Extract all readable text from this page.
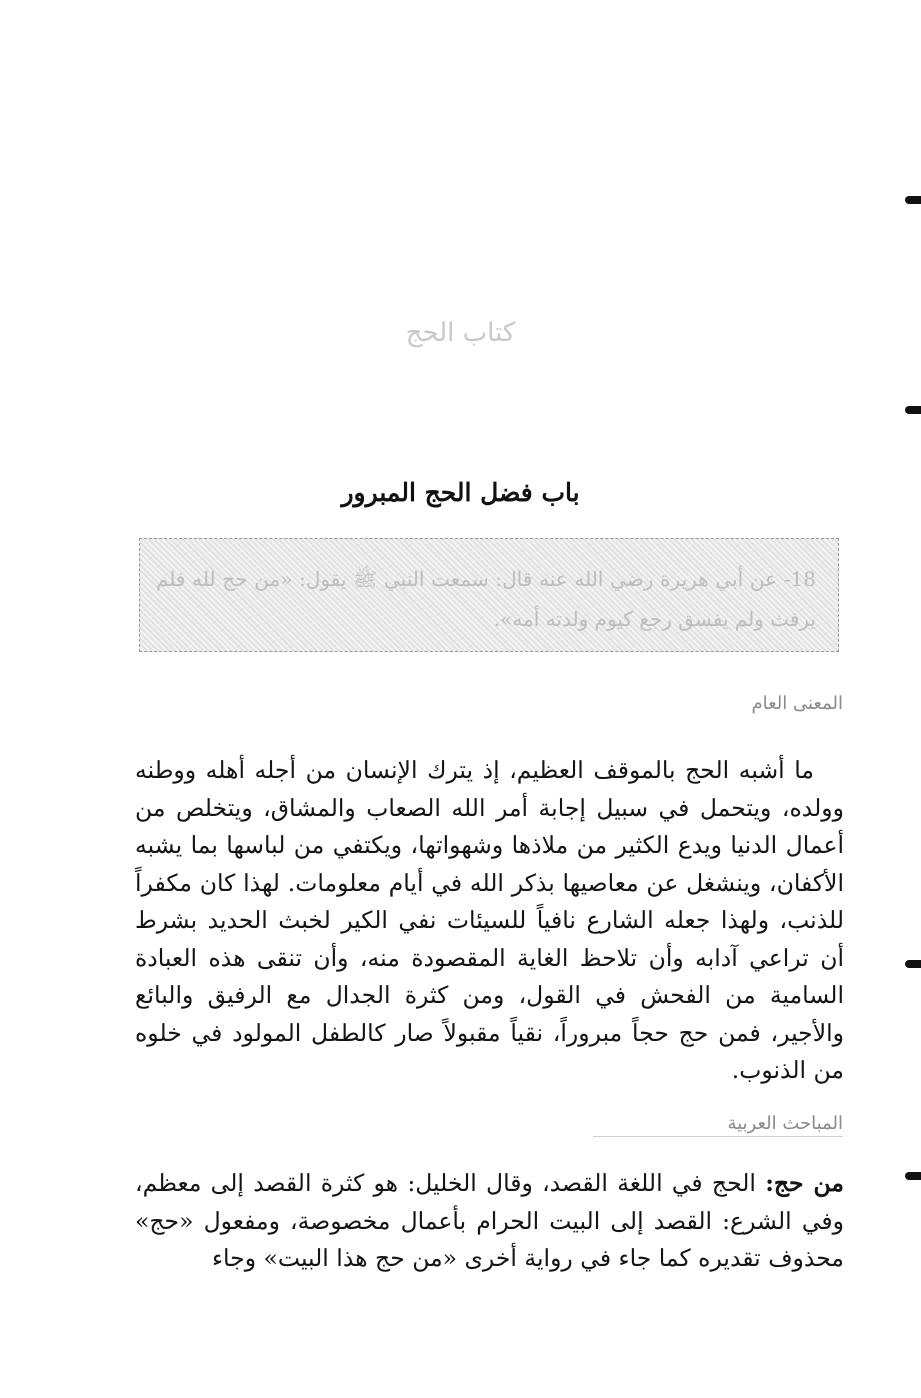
كتاب الحج
باب فضل الحج المبرور
18- عن أبي هريرة رضي الله عنه قال: سمعت النبي ﷺ يقول: «من حج لله فلم يرفث ولم يفسق رجع كيوم ولدته أمه».
المعنى العام
ما أشبه الحج بالموقف العظيم، إذ يترك الإنسان من أجله أهله ووطنه وولده، ويتحمل في سبيل إجابة أمر الله الصعاب والمشاق، ويتخلص من أعمال الدنيا ويدع الكثير من ملاذها وشهواتها، ويكتفي من لباسها بما يشبه الأكفان، وينشغل عن معاصيها بذكر الله في أيام معلومات. لهذا كان مكفراً للذنب، ولهذا جعله الشارع نافياً للسيئات نفي الكير لخبث الحديد بشرط أن تراعي آدابه وأن تلاحظ الغاية المقصودة منه، وأن تنقى هذه العبادة السامية من الفحش في القول، ومن كثرة الجدال مع الرفيق والبائع والأجير، فمن حج حجاً مبروراً، نقياً مقبولاً صار كالطفل المولود في خلوه من الذنوب.
المباحث العربية
من حج: الحج في اللغة القصد، وقال الخليل: هو كثرة القصد إلى معظم، وفي الشرع: القصد إلى البيت الحرام بأعمال مخصوصة، ومفعول «حج» محذوف تقديره كما جاء في رواية أخرى «من حج هذا البيت» وجاء
